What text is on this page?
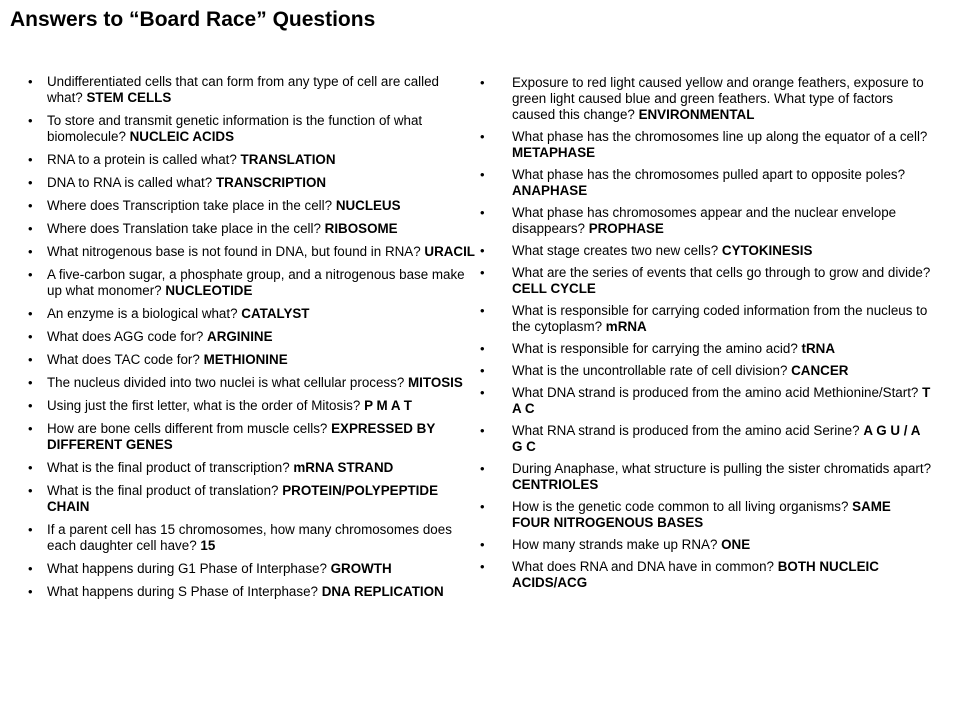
Answers to “Board Race” Questions
• Undifferentiated cells that can form from any type of cell are called what? STEM CELLS
• To store and transmit genetic information is the function of what biomolecule? NUCLEIC ACIDS
• RNA to a protein is called what? TRANSLATION
• DNA to RNA is called what? TRANSCRIPTION
• Where does Transcription take place in the cell? NUCLEUS
• Where does Translation take place in the cell? RIBOSOME
• What nitrogenous base is not found in DNA, but found in RNA? URACIL
• A five-carbon sugar, a phosphate group, and a nitrogenous base make up what monomer? NUCLEOTIDE
• An enzyme is a biological what? CATALYST
• What does AGG code for? ARGININE
• What does TAC code for? METHIONINE
• The nucleus divided into two nuclei is what cellular process? MITOSIS
• Using just the first letter, what is the order of Mitosis? P M A T
• How are bone cells different from muscle cells? EXPRESSED BY DIFFERENT GENES
• What is the final product of transcription? mRNA STRAND
• What is the final product of translation? PROTEIN/POLYPEPTIDE CHAIN
• If a parent cell has 15 chromosomes, how many chromosomes does each daughter cell have? 15
• What happens during G1 Phase of Interphase? GROWTH
• What happens during S Phase of Interphase? DNA REPLICATION
• Exposure to red light caused yellow and orange feathers, exposure to green light caused blue and green feathers. What type of factors caused this change? ENVIRONMENTAL
• What phase has the chromosomes line up along the equator of a cell? METAPHASE
• What phase has the chromosomes pulled apart to opposite poles? ANAPHASE
• What phase has chromosomes appear and the nuclear envelope disappears? PROPHASE
• What stage creates two new cells? CYTOKINESIS
• What are the series of events that cells go through to grow and divide? CELL CYCLE
• What is responsible for carrying coded information from the nucleus to the cytoplasm? mRNA
• What is responsible for carrying the amino acid? tRNA
• What is the uncontrollable rate of cell division? CANCER
• What DNA strand is produced from the amino acid Methionine/Start? T A C
• What RNA strand is produced from the amino acid Serine? A G U / A G C
• During Anaphase, what structure is pulling the sister chromatids apart? CENTRIOLES
• How is the genetic code common to all living organisms? SAME FOUR NITROGENOUS BASES
• How many strands make up RNA? ONE
• What does RNA and DNA have in common? BOTH NUCLEIC ACIDS/ACG
